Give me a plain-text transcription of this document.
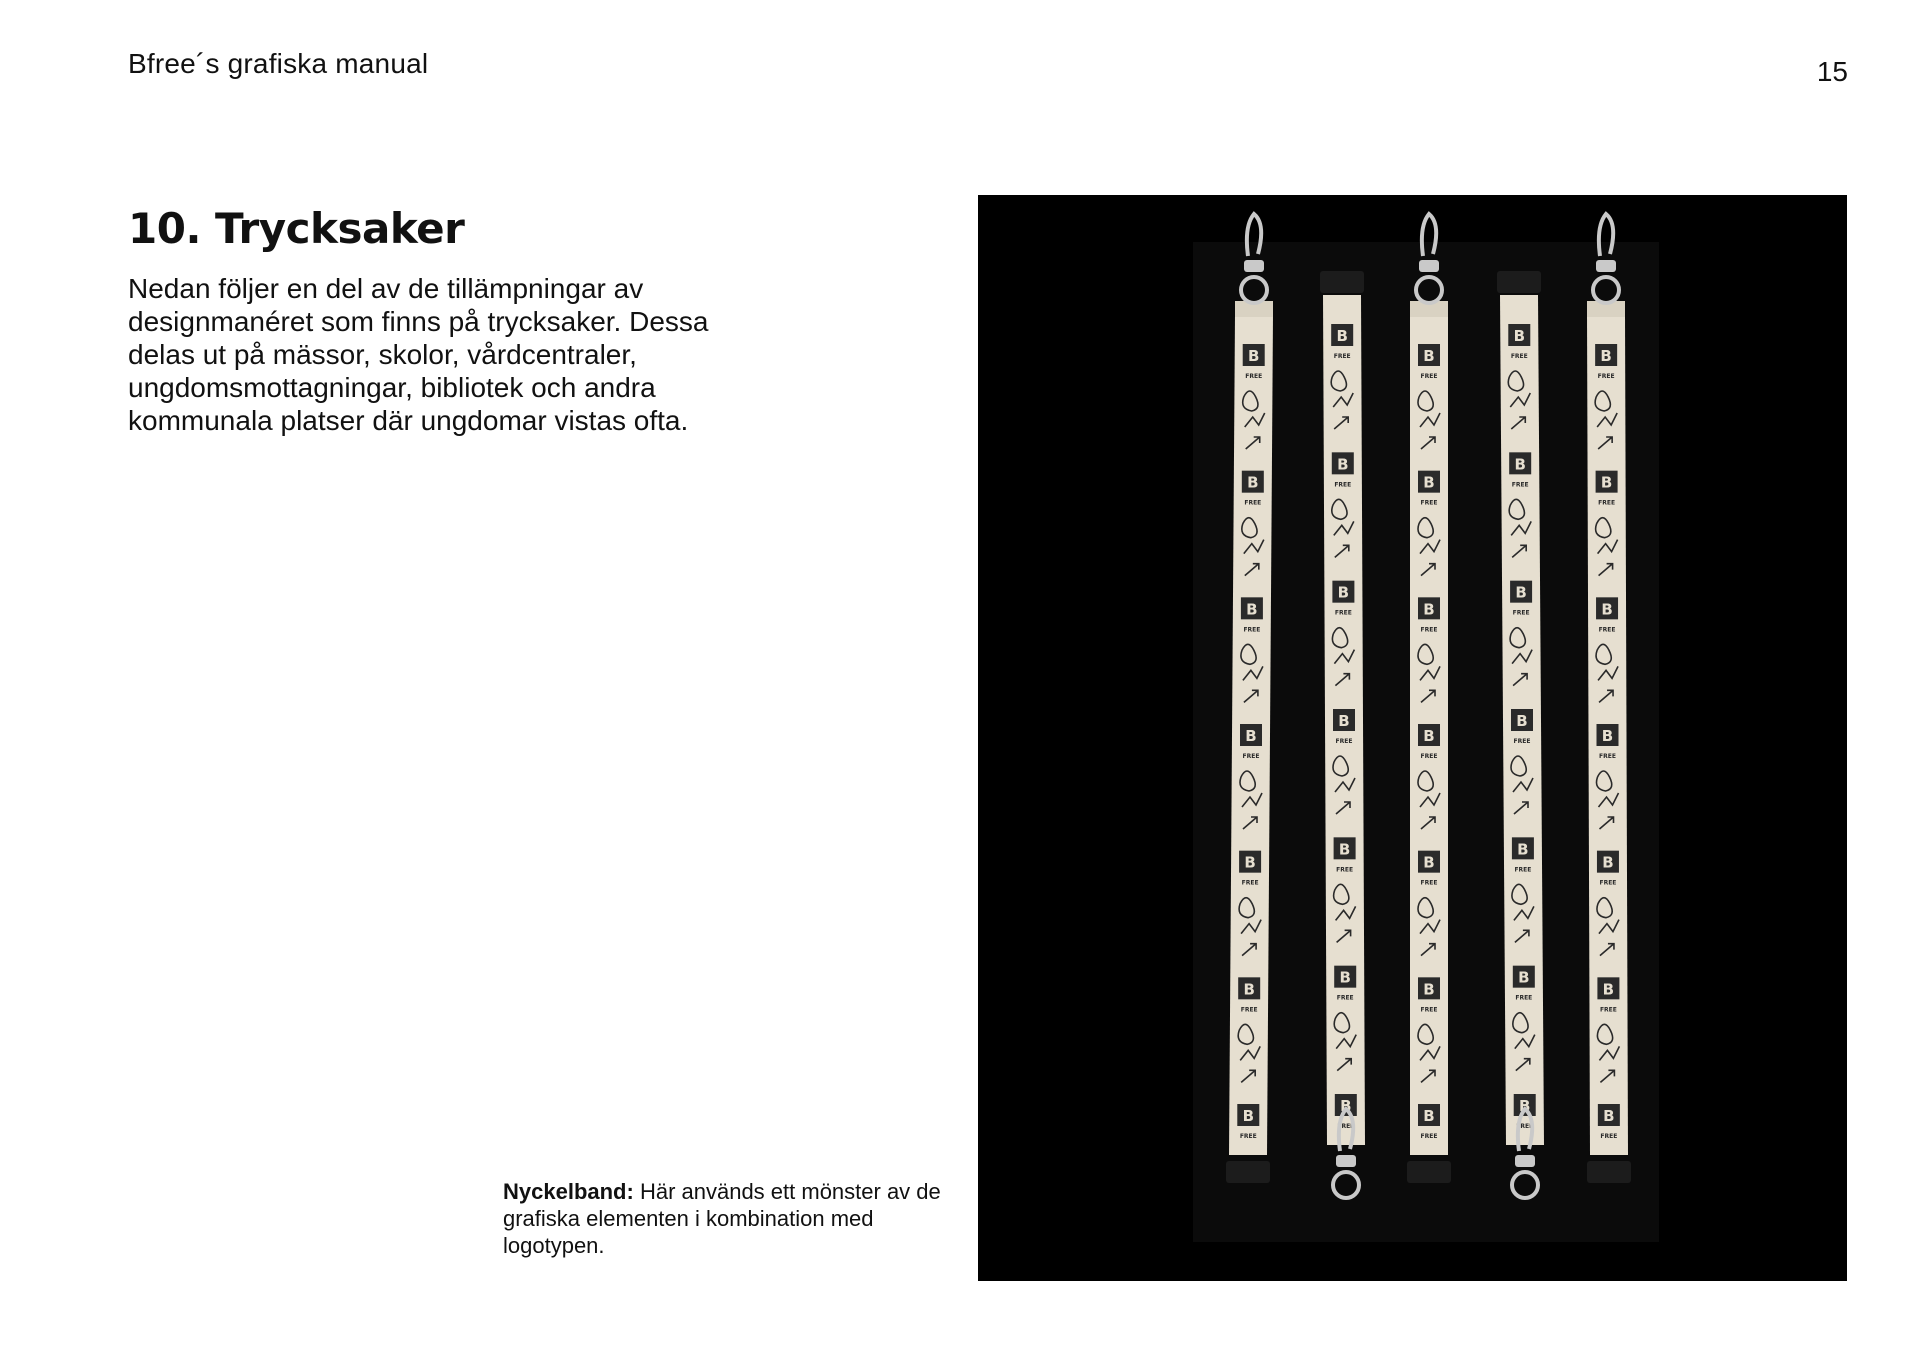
Bfree´s grafiska manual	15
10. Trycksaker

Nedan följer en del av de tillämpningar av designmanéret som finns på trycksaker. Dessa delas ut på mässor, skolor, vårdcentraler, ungdomsmottagningar, bibliotek och andra kommunala platser där ungdomar vistas ofta.

Nyckelband: Här används ett mönster av de grafiska elementen i kombination med logotypen.

B
FREE
B
FREE
B
FREE
B
FREE
B
FREE
B
FREE
B
FREE
B
FREE
B
FREE
B
FREE
B
FREE
B
FREE
B
FREE
B
FREE
B
FREE
B
FREE
B
FREE
B
FREE
B
FREE
B
FREE
B
FREE
B
FREE
B
FREE
B
FREE
B
FREE
B
FREE
B
FREE
B
FREE
B
FREE
B
FREE
B
FREE
B
FREE
B
FREE
B
FREE
B
FREE
